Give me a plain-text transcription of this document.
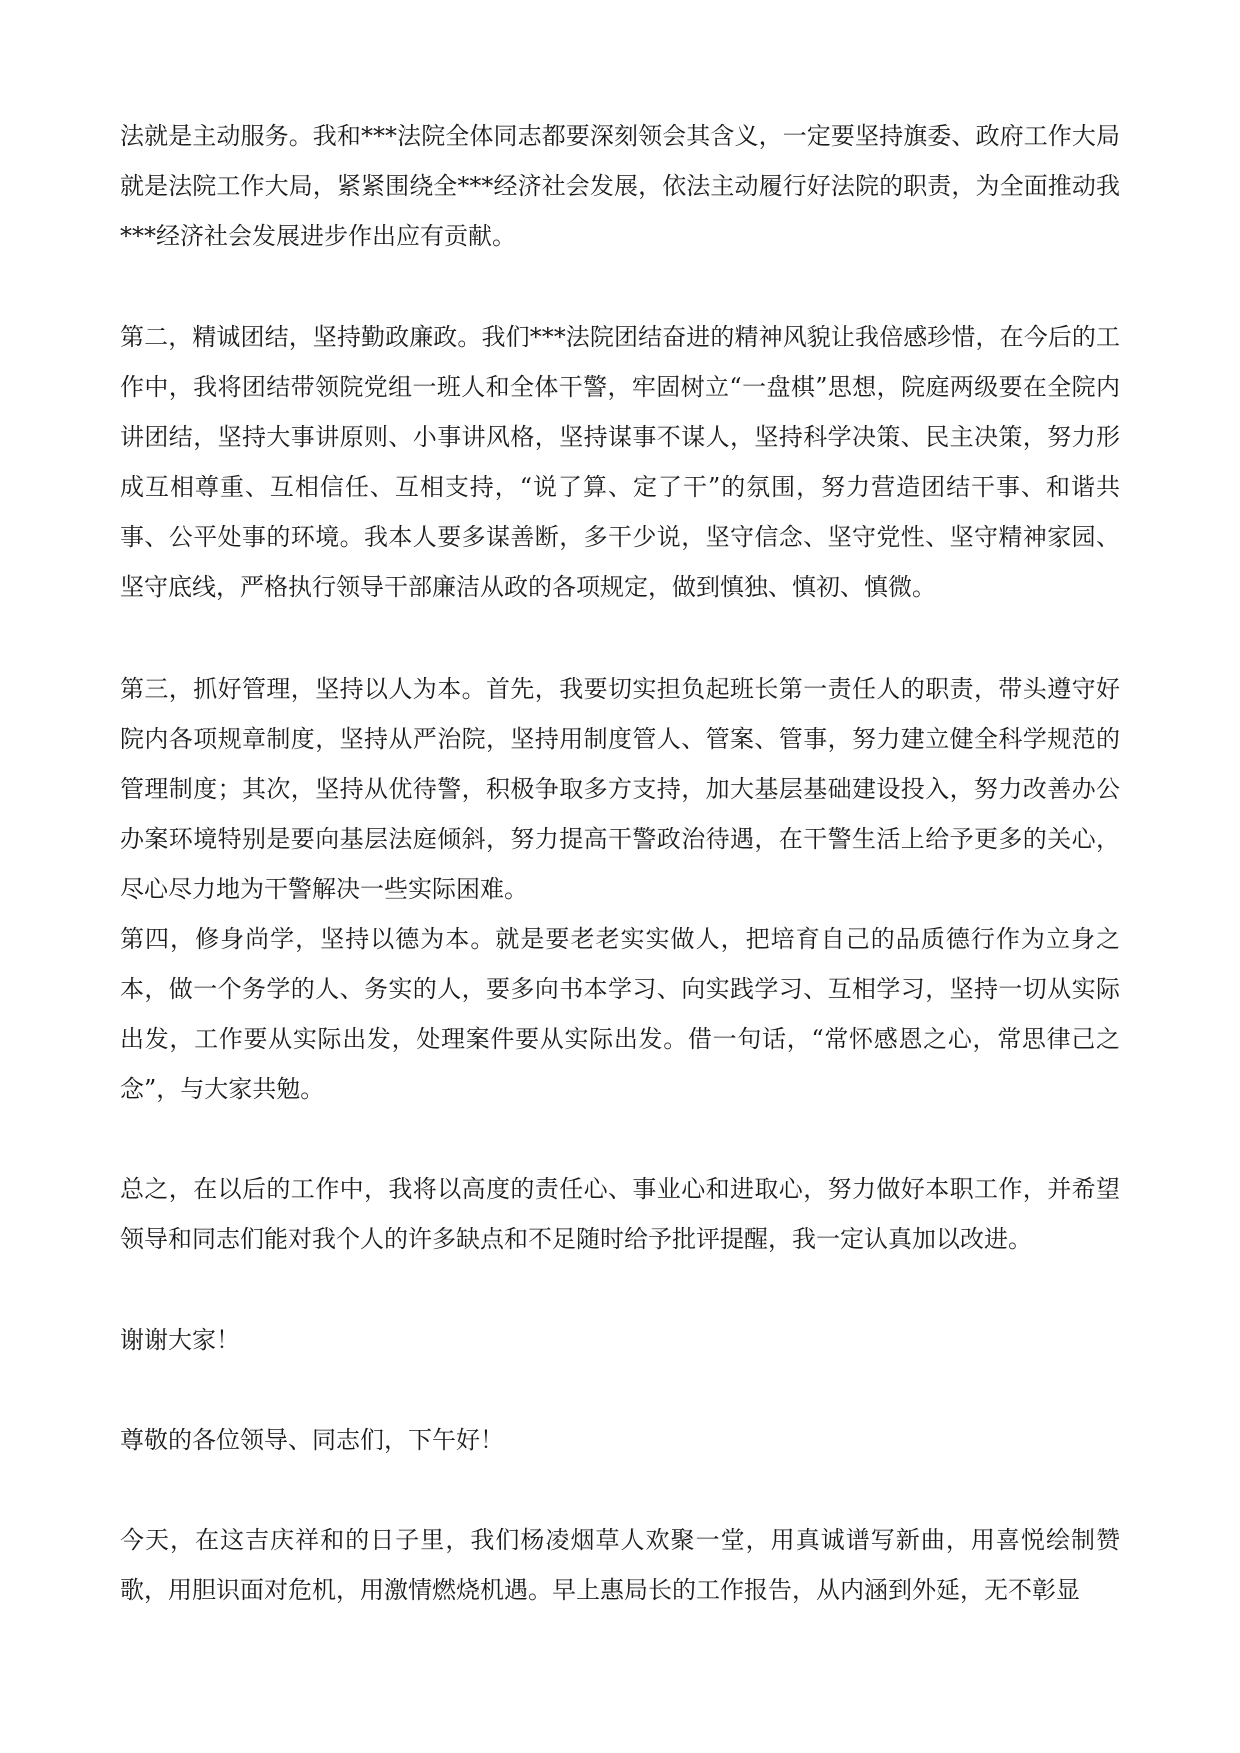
法就是主动服务。我和***法院全体同志都要深刻领会其含义，一定要坚持旗委、政府工作大局就是法院工作大局，紧紧围绕全***经济社会发展，依法主动履行好法院的职责，为全面推动我***经济社会发展进步作出应有贡献。

第二，精诚团结，坚持勤政廉政。我们***法院团结奋进的精神风貌让我倍感珍惜，在今后的工作中，我将团结带领院党组一班人和全体干警，牢固树立“一盘棋”思想，院庭两级要在全院内讲团结，坚持大事讲原则、小事讲风格，坚持谋事不谋人，坚持科学决策、民主决策，努力形成互相尊重、互相信任、互相支持，“说了算、定了干”的氛围，努力营造团结干事、和谐共事、公平处事的环境。我本人要多谋善断，多干少说，坚守信念、坚守党性、坚守精神家园、坚守底线，严格执行领导干部廉洁从政的各项规定，做到慎独、慎初、慎微。

第三，抓好管理，坚持以人为本。首先，我要切实担负起班长第一责任人的职责，带头遵守好院内各项规章制度，坚持从严治院，坚持用制度管人、管案、管事，努力建立健全科学规范的管理制度；其次，坚持从优待警，积极争取多方支持，加大基层基础建设投入，努力改善办公办案环境特别是要向基层法庭倾斜，努力提高干警政治待遇，在干警生活上给予更多的关心，尽心尽力地为干警解决一些实际困难。

第四，修身尚学，坚持以德为本。就是要老老实实做人，把培育自己的品质德行作为立身之本，做一个务学的人、务实的人，要多向书本学习、向实践学习、互相学习，坚持一切从实际出发，工作要从实际出发，处理案件要从实际出发。借一句话，“常怀感恩之心，常思律己之念”，与大家共勉。

总之，在以后的工作中，我将以高度的责任心、事业心和进取心，努力做好本职工作，并希望领导和同志们能对我个人的许多缺点和不足随时给予批评提醒，我一定认真加以改进。

谢谢大家！

尊敬的各位领导、同志们，下午好！

今天，在这吉庆祥和的日子里，我们杨凌烟草人欢聚一堂，用真诚谱写新曲，用喜悦绘制赞歌，用胆识面对危机，用激情燃烧机遇。早上惠局长的工作报告，从内涵到外延，无不彰显
